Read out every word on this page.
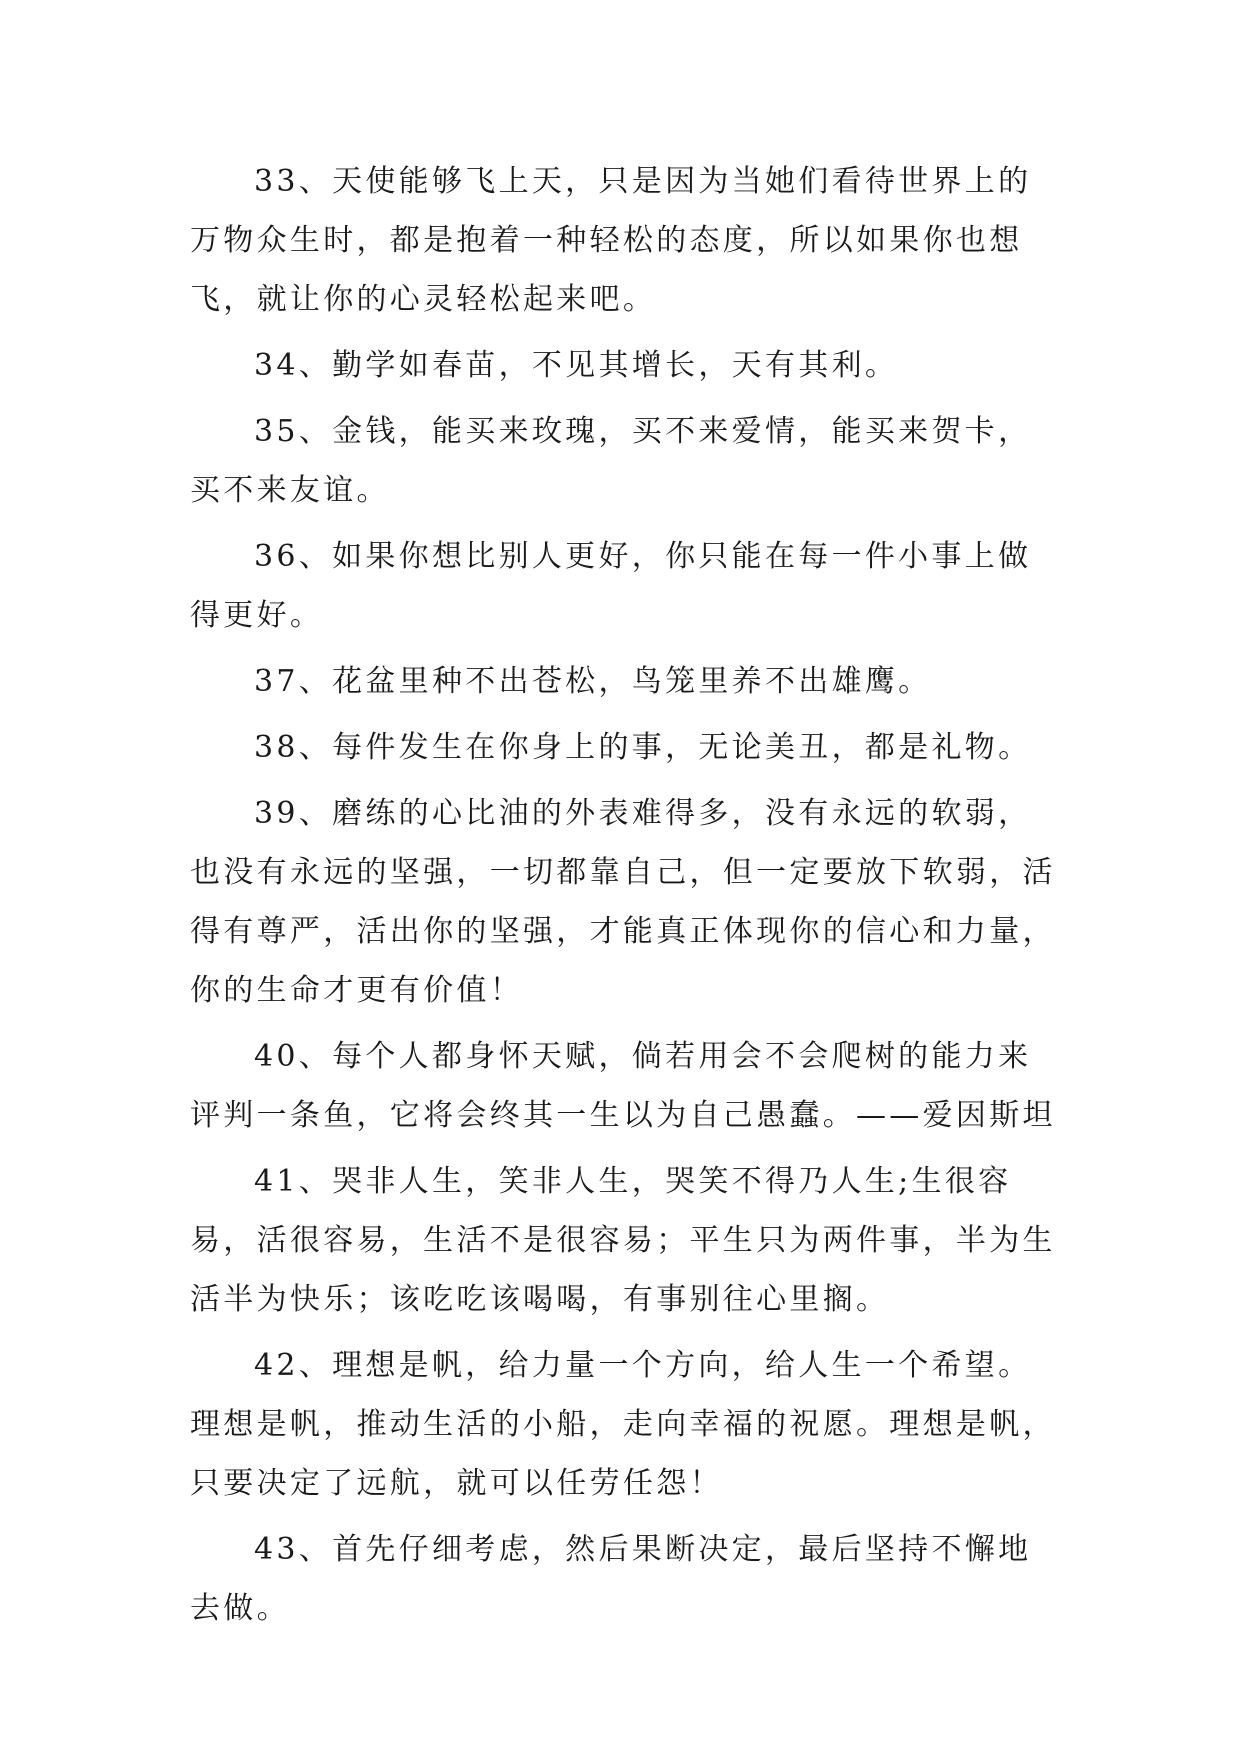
33、天使能够飞上天，只是因为当她们看待世界上的万物众生时，都是抱着一种轻松的态度，所以如果你也想飞，就让你的心灵轻松起来吧。

34、勤学如春苗，不见其增长，天有其利。

35、金钱，能买来玫瑰，买不来爱情，能买来贺卡，买不来友谊。

36、如果你想比别人更好，你只能在每一件小事上做得更好。

37、花盆里种不出苍松，鸟笼里养不出雄鹰。

38、每件发生在你身上的事，无论美丑，都是礼物。

39、磨练的心比油的外表难得多，没有永远的软弱，也没有永远的坚强，一切都靠自己，但一定要放下软弱，活得有尊严，活出你的坚强，才能真正体现你的信心和力量，你的生命才更有价值！

40、每个人都身怀天赋，倘若用会不会爬树的能力来评判一条鱼，它将会终其一生以为自己愚蠢。——爱因斯坦

41、哭非人生，笑非人生，哭笑不得乃人生;生很容易，活很容易，生活不是很容易；平生只为两件事，半为生活半为快乐；该吃吃该喝喝，有事别往心里搁。

42、理想是帆，给力量一个方向，给人生一个希望。理想是帆，推动生活的小船，走向幸福的祝愿。理想是帆，只要决定了远航，就可以任劳任怨！

43、首先仔细考虑，然后果断决定，最后坚持不懈地去做。
